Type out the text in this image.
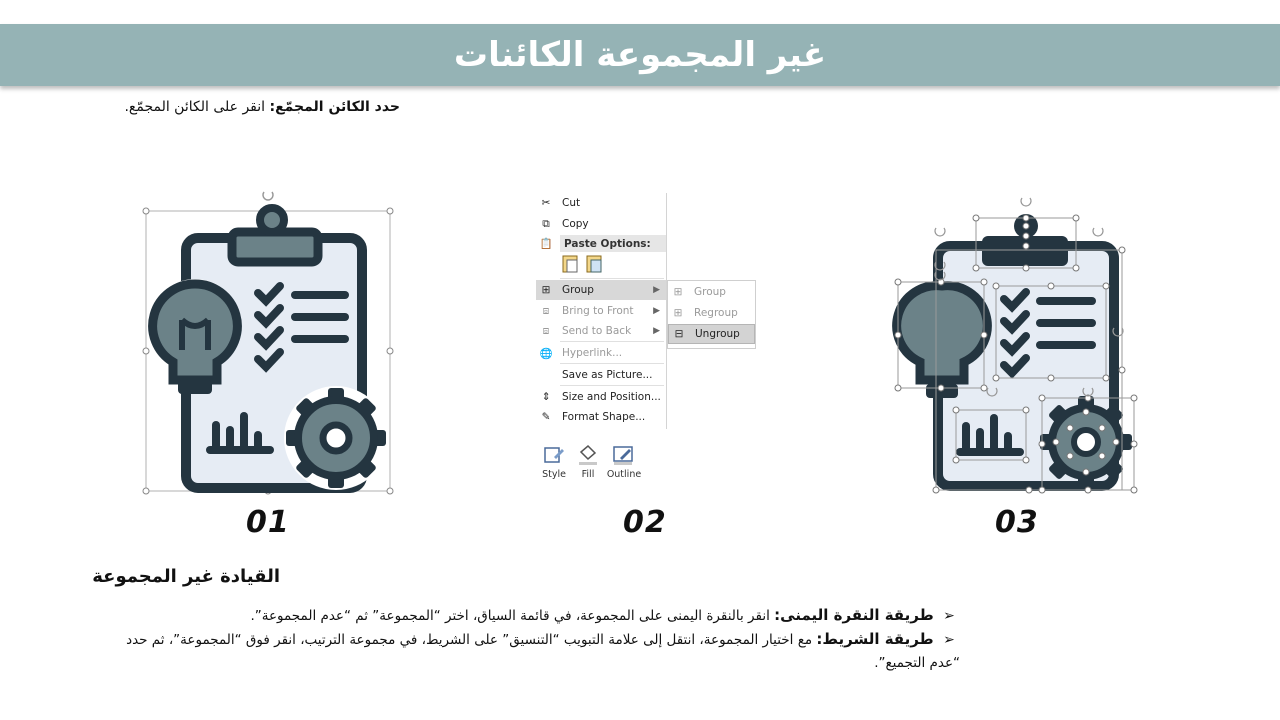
غير المجموعة الكائنات
حدد الكائن المجمّع: انقر على الكائن المجمّع.
✂ Cut
⧉	Copy
📋	Paste Options:
⊞ Group	▶
⧈	Bring to Front ▶
⧈	Send to Back ▶
🌐 Hyperlink...
Save as Picture...
⇕ Size and Position...
✎ Format Shape...
⊞ Group
⊞ Regroup
⊟ Ungroup
Style	Fill	Outline
01	02	03
القيادة غير المجموعة
➢ طريقة النقرة اليمنى: انقر بالنقرة اليمنى على المجموعة، في قائمة السياق، اختر “المجموعة” ثم “عدم المجموعة”.
➢ طريقة الشريط: مع اختيار المجموعة، انتقل إلى علامة التبويب “التنسيق” على الشريط، في مجموعة الترتيب، انقر فوق “المجموعة”، ثم حدد “عدم التجميع”.
